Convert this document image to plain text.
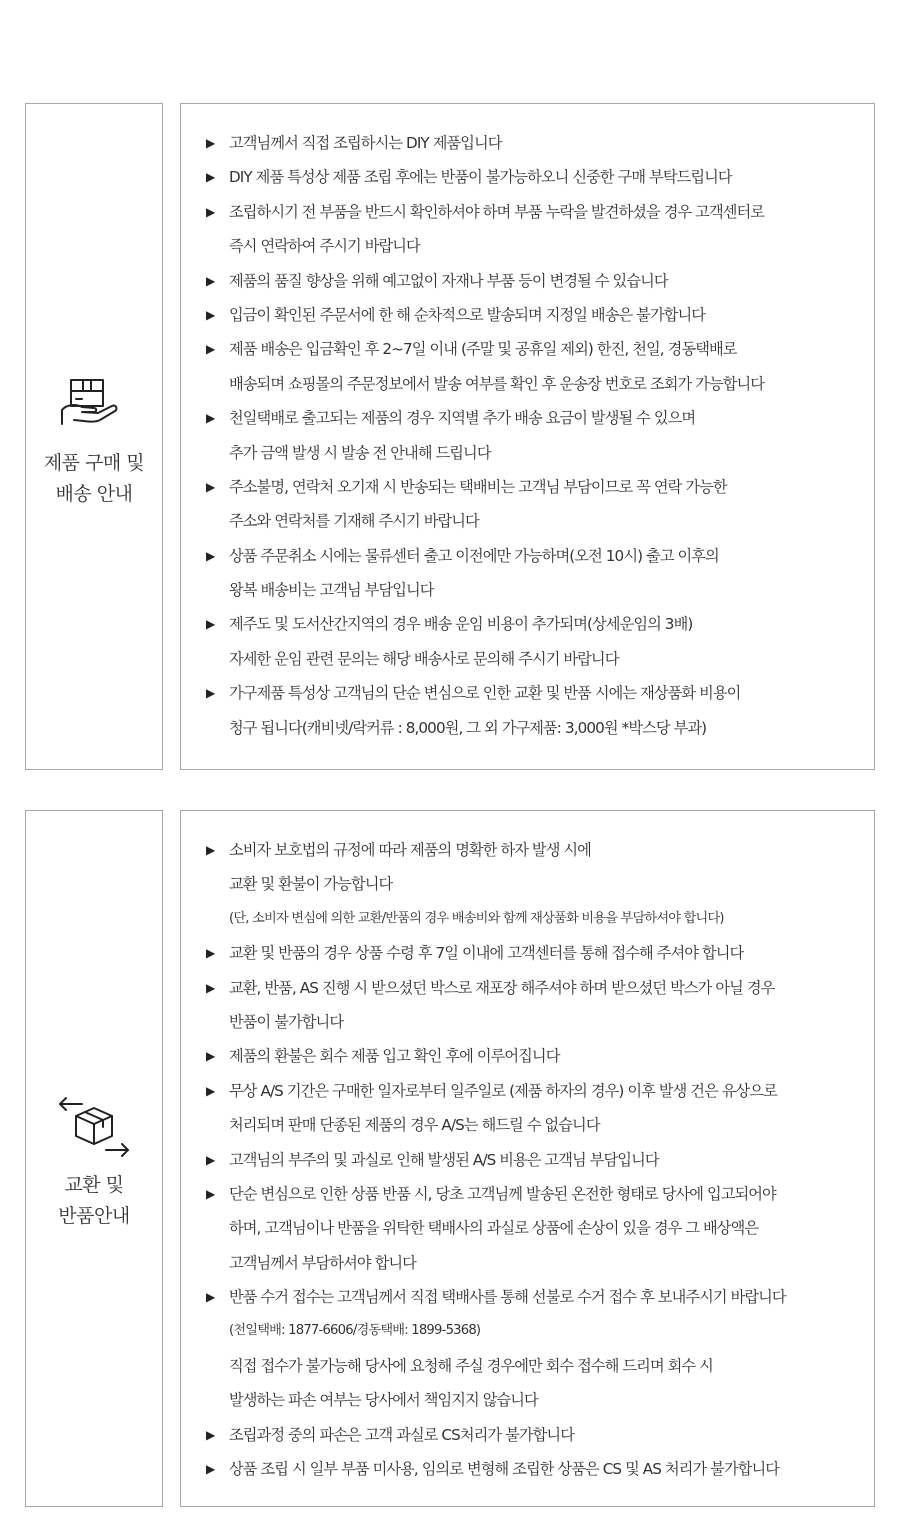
제품 구매 및
배송 안내
▶ 고객님께서 직접 조립하시는 DIY 제품입니다
▶ DIY 제품 특성상 제품 조립 후에는 반품이 불가능하오니 신중한 구매 부탁드립니다
▶ 조립하시기 전 부품을 반드시 확인하셔야 하며 부품 누락을 발견하셨을 경우 고객센터로
즉시 연락하여 주시기 바랍니다
▶ 제품의 품질 향상을 위해 예고없이 자재나 부품 등이 변경될 수 있습니다
▶ 입금이 확인된 주문서에 한 해 순차적으로 발송되며 지정일 배송은 불가합니다
▶ 제품 배송은 입금확인 후 2~7일 이내 (주말 및 공휴일 제외) 한진, 천일, 경동택배로
배송되며 쇼핑몰의 주문정보에서 발송 여부를 확인 후 운송장 번호로 조회가 가능합니다
▶ 천일택배로 출고되는 제품의 경우 지역별 추가 배송 요금이 발생될 수 있으며
추가 금액 발생 시 발송 전 안내해 드립니다
▶ 주소불명, 연락처 오기재 시 반송되는 택배비는 고객님 부담이므로 꼭 연락 가능한
주소와 연락처를 기재해 주시기 바랍니다
▶ 상품 주문취소 시에는 물류센터 출고 이전에만 가능하며(오전 10시) 출고 이후의
왕복 배송비는 고객님 부담입니다
▶ 제주도 및 도서산간지역의 경우 배송 운임 비용이 추가되며(상세운임의 3배)
자세한 운임 관련 문의는 해당 배송사로 문의해 주시기 바랍니다
▶ 가구제품 특성상 고객님의 단순 변심으로 인한 교환 및 반품 시에는 재상품화 비용이
청구 됩니다(캐비넷/락커류 : 8,000원, 그 외 가구제품: 3,000원 *박스당 부과)
교환 및
반품안내
▶ 소비자 보호법의 규정에 따라 제품의 명확한 하자 발생 시에
교환 및 환불이 가능합니다
(단, 소비자 변심에 의한 교환/반품의 경우 배송비와 함께 재상품화 비용을 부담하셔야 합니다)
▶ 교환 및 반품의 경우 상품 수령 후 7일 이내에 고객센터를 통해 접수해 주셔야 합니다
▶ 교환, 반품, AS 진행 시 받으셨던 박스로 재포장 해주셔야 하며 받으셨던 박스가 아닐 경우
반품이 불가합니다
▶ 제품의 환불은 회수 제품 입고 확인 후에 이루어집니다
▶ 무상 A/S 기간은 구매한 일자로부터 일주일로 (제품 하자의 경우) 이후 발생 건은 유상으로
처리되며 판매 단종된 제품의 경우 A/S는 해드릴 수 없습니다
▶ 고객님의 부주의 및 과실로 인해 발생된 A/S 비용은 고객님 부담입니다
▶ 단순 변심으로 인한 상품 반품 시, 당초 고객님께 발송된 온전한 형태로 당사에 입고되어야
하며, 고객님이나 반품을 위탁한 택배사의 과실로 상품에 손상이 있을 경우 그 배상액은
고객님께서 부담하셔야 합니다
▶ 반품 수거 접수는 고객님께서 직접 택배사를 통해 선불로 수거 접수 후 보내주시기 바랍니다
(천일택배: 1877-6606/경동택배: 1899-5368)
직접 접수가 불가능해 당사에 요청해 주실 경우에만 회수 접수해 드리며 회수 시
발생하는 파손 여부는 당사에서 책임지지 않습니다
▶ 조립과정 중의 파손은 고객 과실로 CS처리가 불가합니다
▶ 상품 조립 시 일부 부품 미사용, 임의로 변형해 조립한 상품은 CS 및 AS 처리가 불가합니다
